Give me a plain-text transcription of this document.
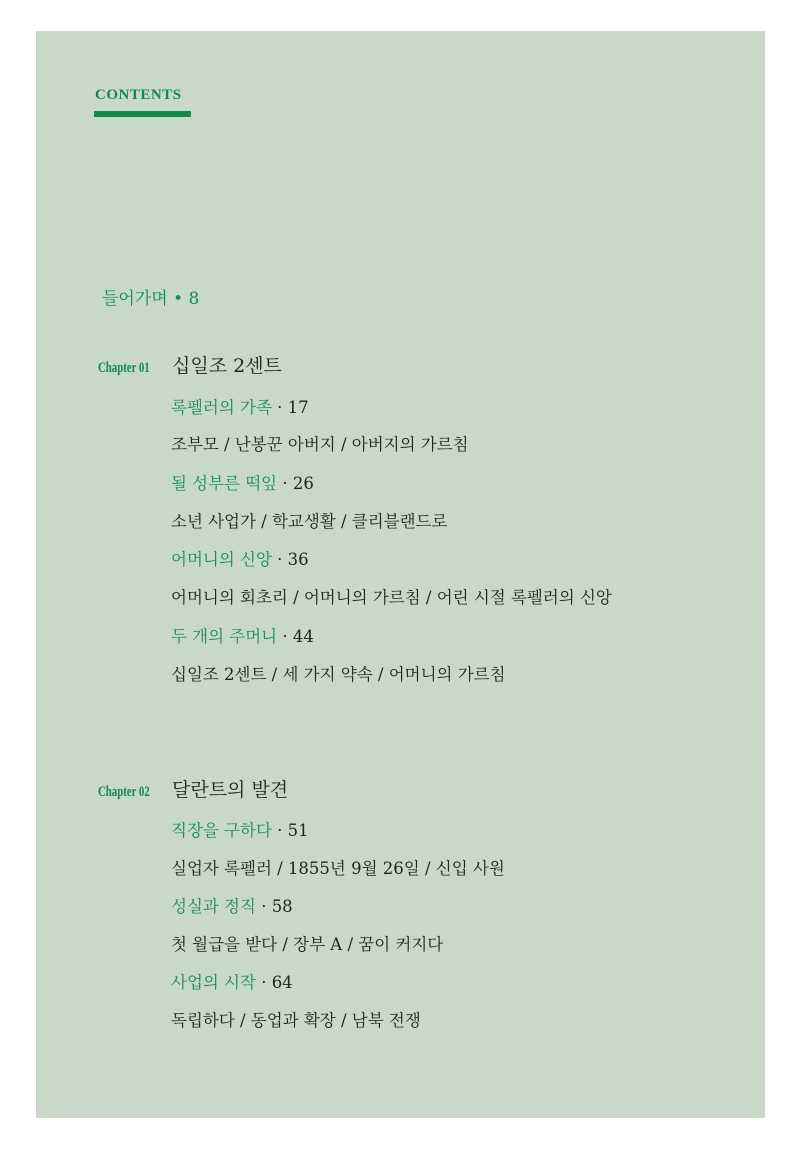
CONTENTS
들어가며 • 8
Chapter 01 십일조 2센트
록펠러의 가족 · 17
조부모 / 난봉꾼 아버지 / 아버지의 가르침
될 성부른 떡잎 · 26
소년 사업가 / 학교생활 / 클리블랜드로
어머니의 신앙 · 36
어머니의 회초리 / 어머니의 가르침 / 어린 시절 록펠러의 신앙
두 개의 주머니 · 44
십일조 2센트 / 세 가지 약속 / 어머니의 가르침
Chapter 02 달란트의 발견
직장을 구하다 · 51
실업자 록펠러 / 1855년 9월 26일 / 신입 사원
성실과 정직 · 58
첫 월급을 받다 / 장부 A / 꿈이 커지다
사업의 시작 · 64
독립하다 / 동업과 확장 / 남북 전쟁
